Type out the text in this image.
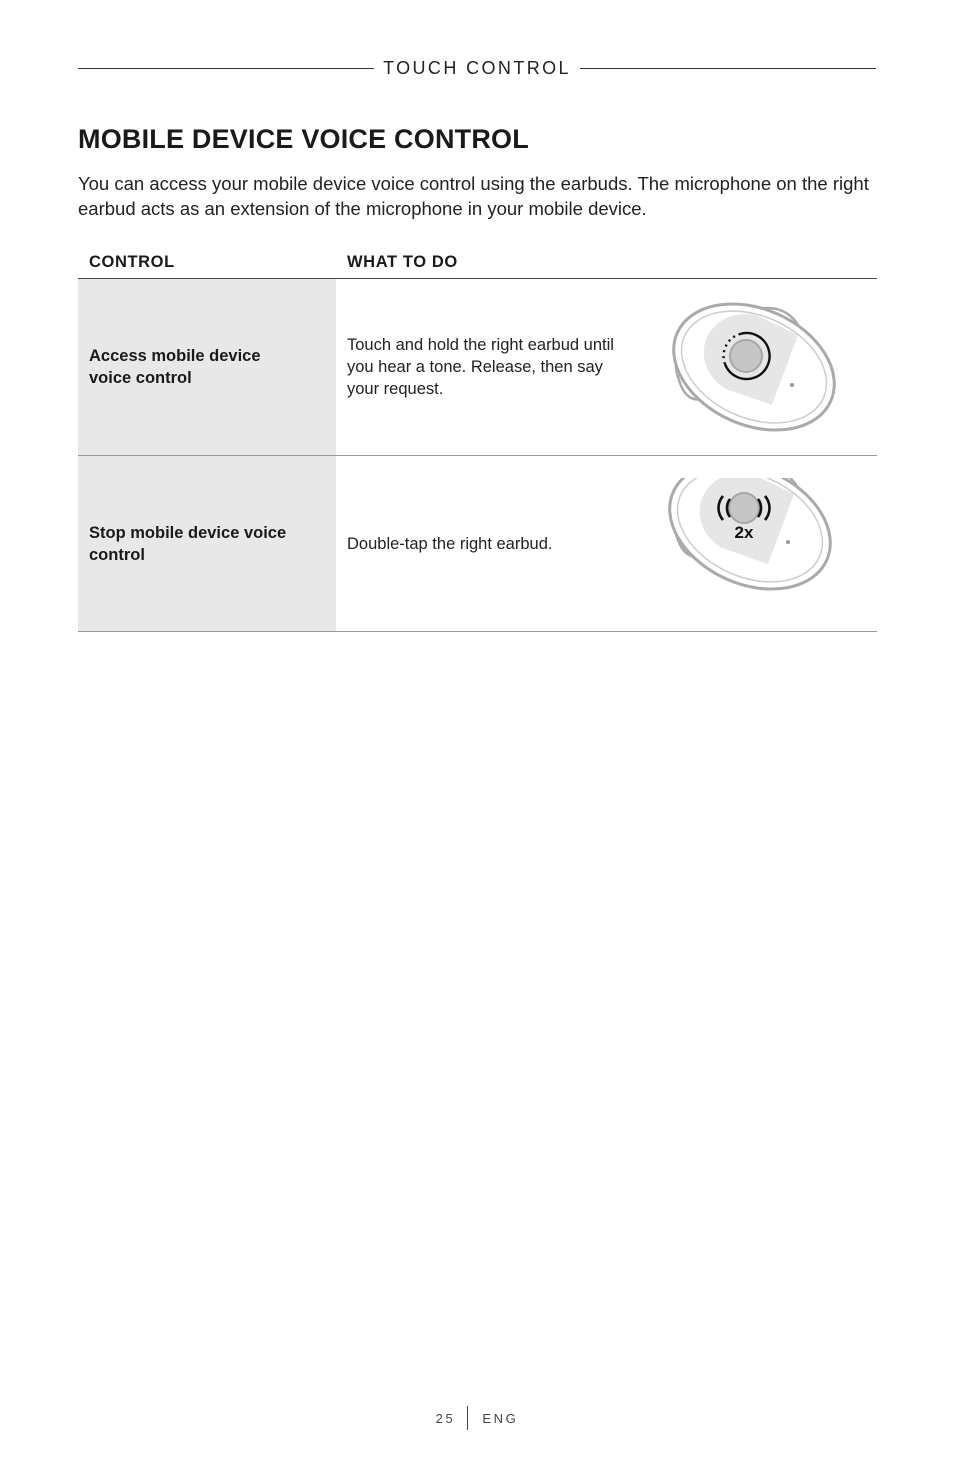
TOUCH CONTROL
MOBILE DEVICE VOICE CONTROL

You can access your mobile device voice control using the earbuds. The microphone on the right earbud acts as an extension of the microphone in your mobile device.

CONTROL	WHAT TO DO
Access mobile device voice control
Touch and hold the right earbud until you hear a tone. Release, then say your request.
Stop mobile device voice control
Double-tap the right earbud.
2x
25 ENG
